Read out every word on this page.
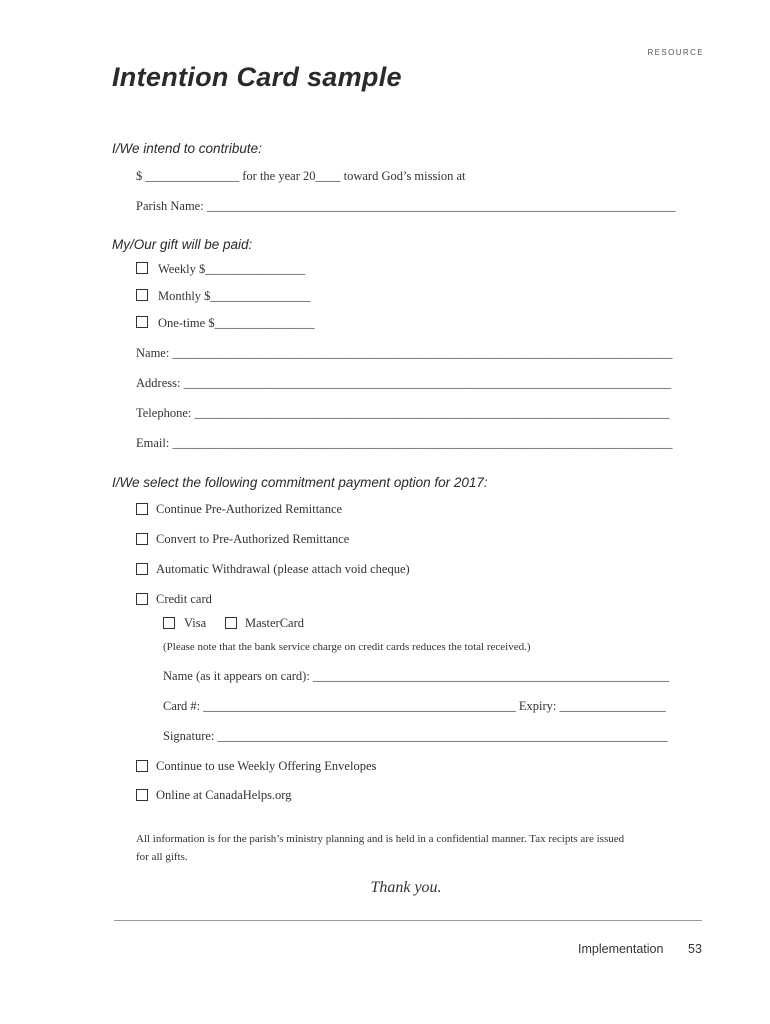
RESOURCE
Intention Card sample
I/We intend to contribute:
$ _______________ for the year 20____ toward God’s mission at
Parish Name: ___________________________________________________________________________
My/Our gift will be paid:
Weekly $________________
Monthly $________________
One-time $________________
Name: ________________________________________________________________________________
Address: ______________________________________________________________________________
Telephone: ____________________________________________________________________________
Email: ________________________________________________________________________________
I/We select the following commitment payment option for 2017:
Continue Pre-Authorized Remittance
Convert to Pre-Authorized Remittance
Automatic Withdrawal (please attach void cheque)
Credit card
Visa	MasterCard
(Please note that the bank service charge on credit cards reduces the total received.)
Name (as it appears on card): _________________________________________________________
Card #: __________________________________________________ Expiry: _________________
Signature: ________________________________________________________________________
Continue to use Weekly Offering Envelopes
Online at CanadaHelps.org
All information is for the parish’s ministry planning and is held in a confidential manner. Tax recipts are issued
for all gifts.
Thank you.
Implementation 53
